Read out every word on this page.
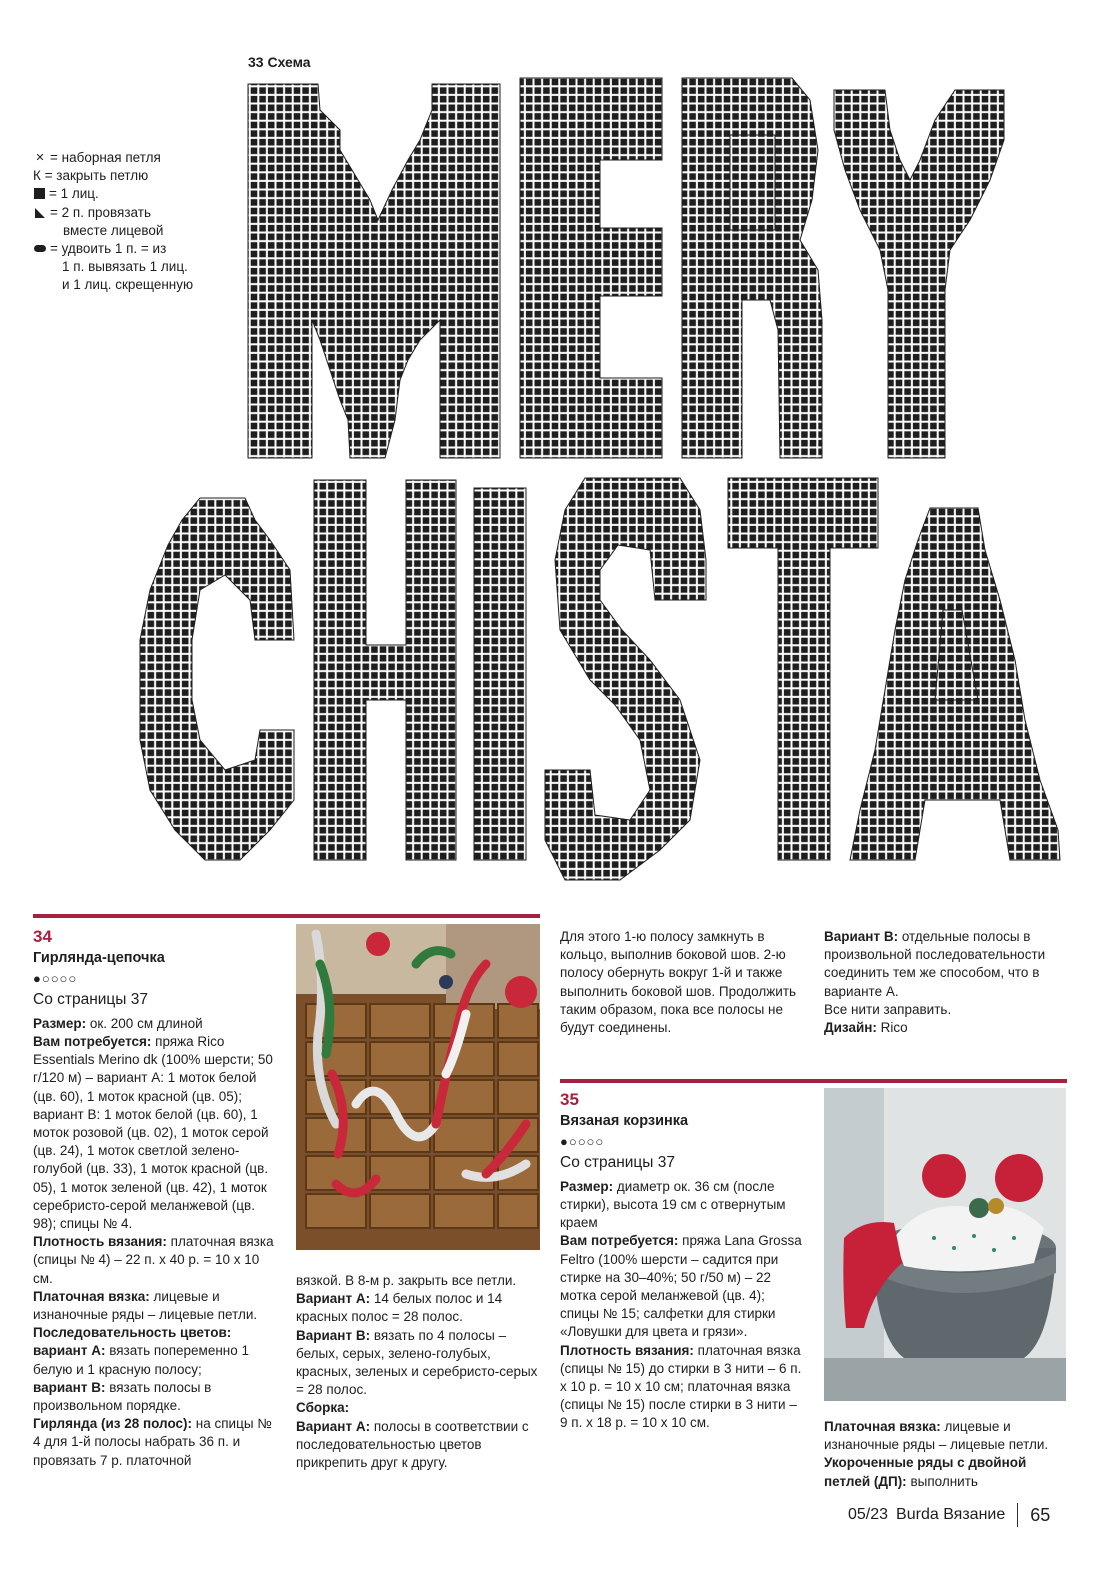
33 Схема
✕ = наборная петля
К = закрыть петлю
= 1 лиц.
= 2 п. провязать
вместе лицевой
= удвоить 1 п. = из
1 п. вывязать 1 лиц.
и 1 лиц. скрещенную
34
Гирлянда-цепочка
●○○○○
Со страницы 37
Размер: ок. 200 см длиной
Вам потребуется: пряжа Rico Essentials Merino dk (100% шерсти; 50 г/120 м) – вариант А: 1 моток белой (цв. 60), 1 моток красной (цв. 05); вариант В: 1 моток белой (цв. 60), 1 моток розовой (цв. 02), 1 моток серой (цв. 24), 1 моток светлой зелено-голубой (цв. 33), 1 моток красной (цв. 05), 1 моток зеленой (цв. 42), 1 моток серебристо-серой меланжевой (цв. 98); спицы № 4.
Плотность вязания: платочная вязка (спицы № 4) – 22 п. х 40 р. = 10 х 10 см.
Платочная вязка: лицевые и изнаночные ряды – лицевые петли.
Последовательность цветов:
вариант А: вязать попеременно 1 белую и 1 красную полосу;
вариант В: вязать полосы в произвольном порядке.
Гирлянда (из 28 полос): на спицы № 4 для 1-й полосы набрать 36 п. и провязать 7 р. платочной
вязкой. В 8-м р. закрыть все петли.
Вариант А: 14 белых полос и 14 красных полос = 28 полос.
Вариант В: вязать по 4 полосы – белых, серых, зелено-голубых, красных, зеленых и серебристо-серых = 28 полос.
Сборка:
Вариант А: полосы в соответствии с последовательностью цветов прикрепить друг к другу.
Для этого 1-ю полосу замкнуть в кольцо, выполнив боковой шов. 2-ю полосу обернуть вокруг 1-й и также выполнить боковой шов. Продолжить таким образом, пока все полосы не будут соединены.
Вариант В: отдельные полосы в произвольной последовательности соединить тем же способом, что в варианте А.
Все нити заправить.
Дизайн: Rico
35
Вязаная корзинка
●○○○○
Со страницы 37
Размер: диаметр ок. 36 см (после стирки), высота 19 см с отвернутым краем
Вам потребуется: пряжа Lana Grossa Feltro (100% шерсти – садится при стирке на 30–40%; 50 г/50 м) – 22 мотка серой меланжевой (цв. 4); спицы № 15; салфетки для стирки «Ловушки для цвета и грязи».
Плотность вязания: платочная вязка (спицы № 15) до стирки в 3 нити – 6 п. х 10 р. = 10 х 10 см; платочная вязка (спицы № 15) после стирки в 3 нити – 9 п. х 18 р. = 10 х 10 см.	Платочная вязка: лицевые и изнаночные ряды – лицевые петли.
Укороченные ряды с двойной петлей (ДП): выполнить
05/23 Burda Вязание 65
